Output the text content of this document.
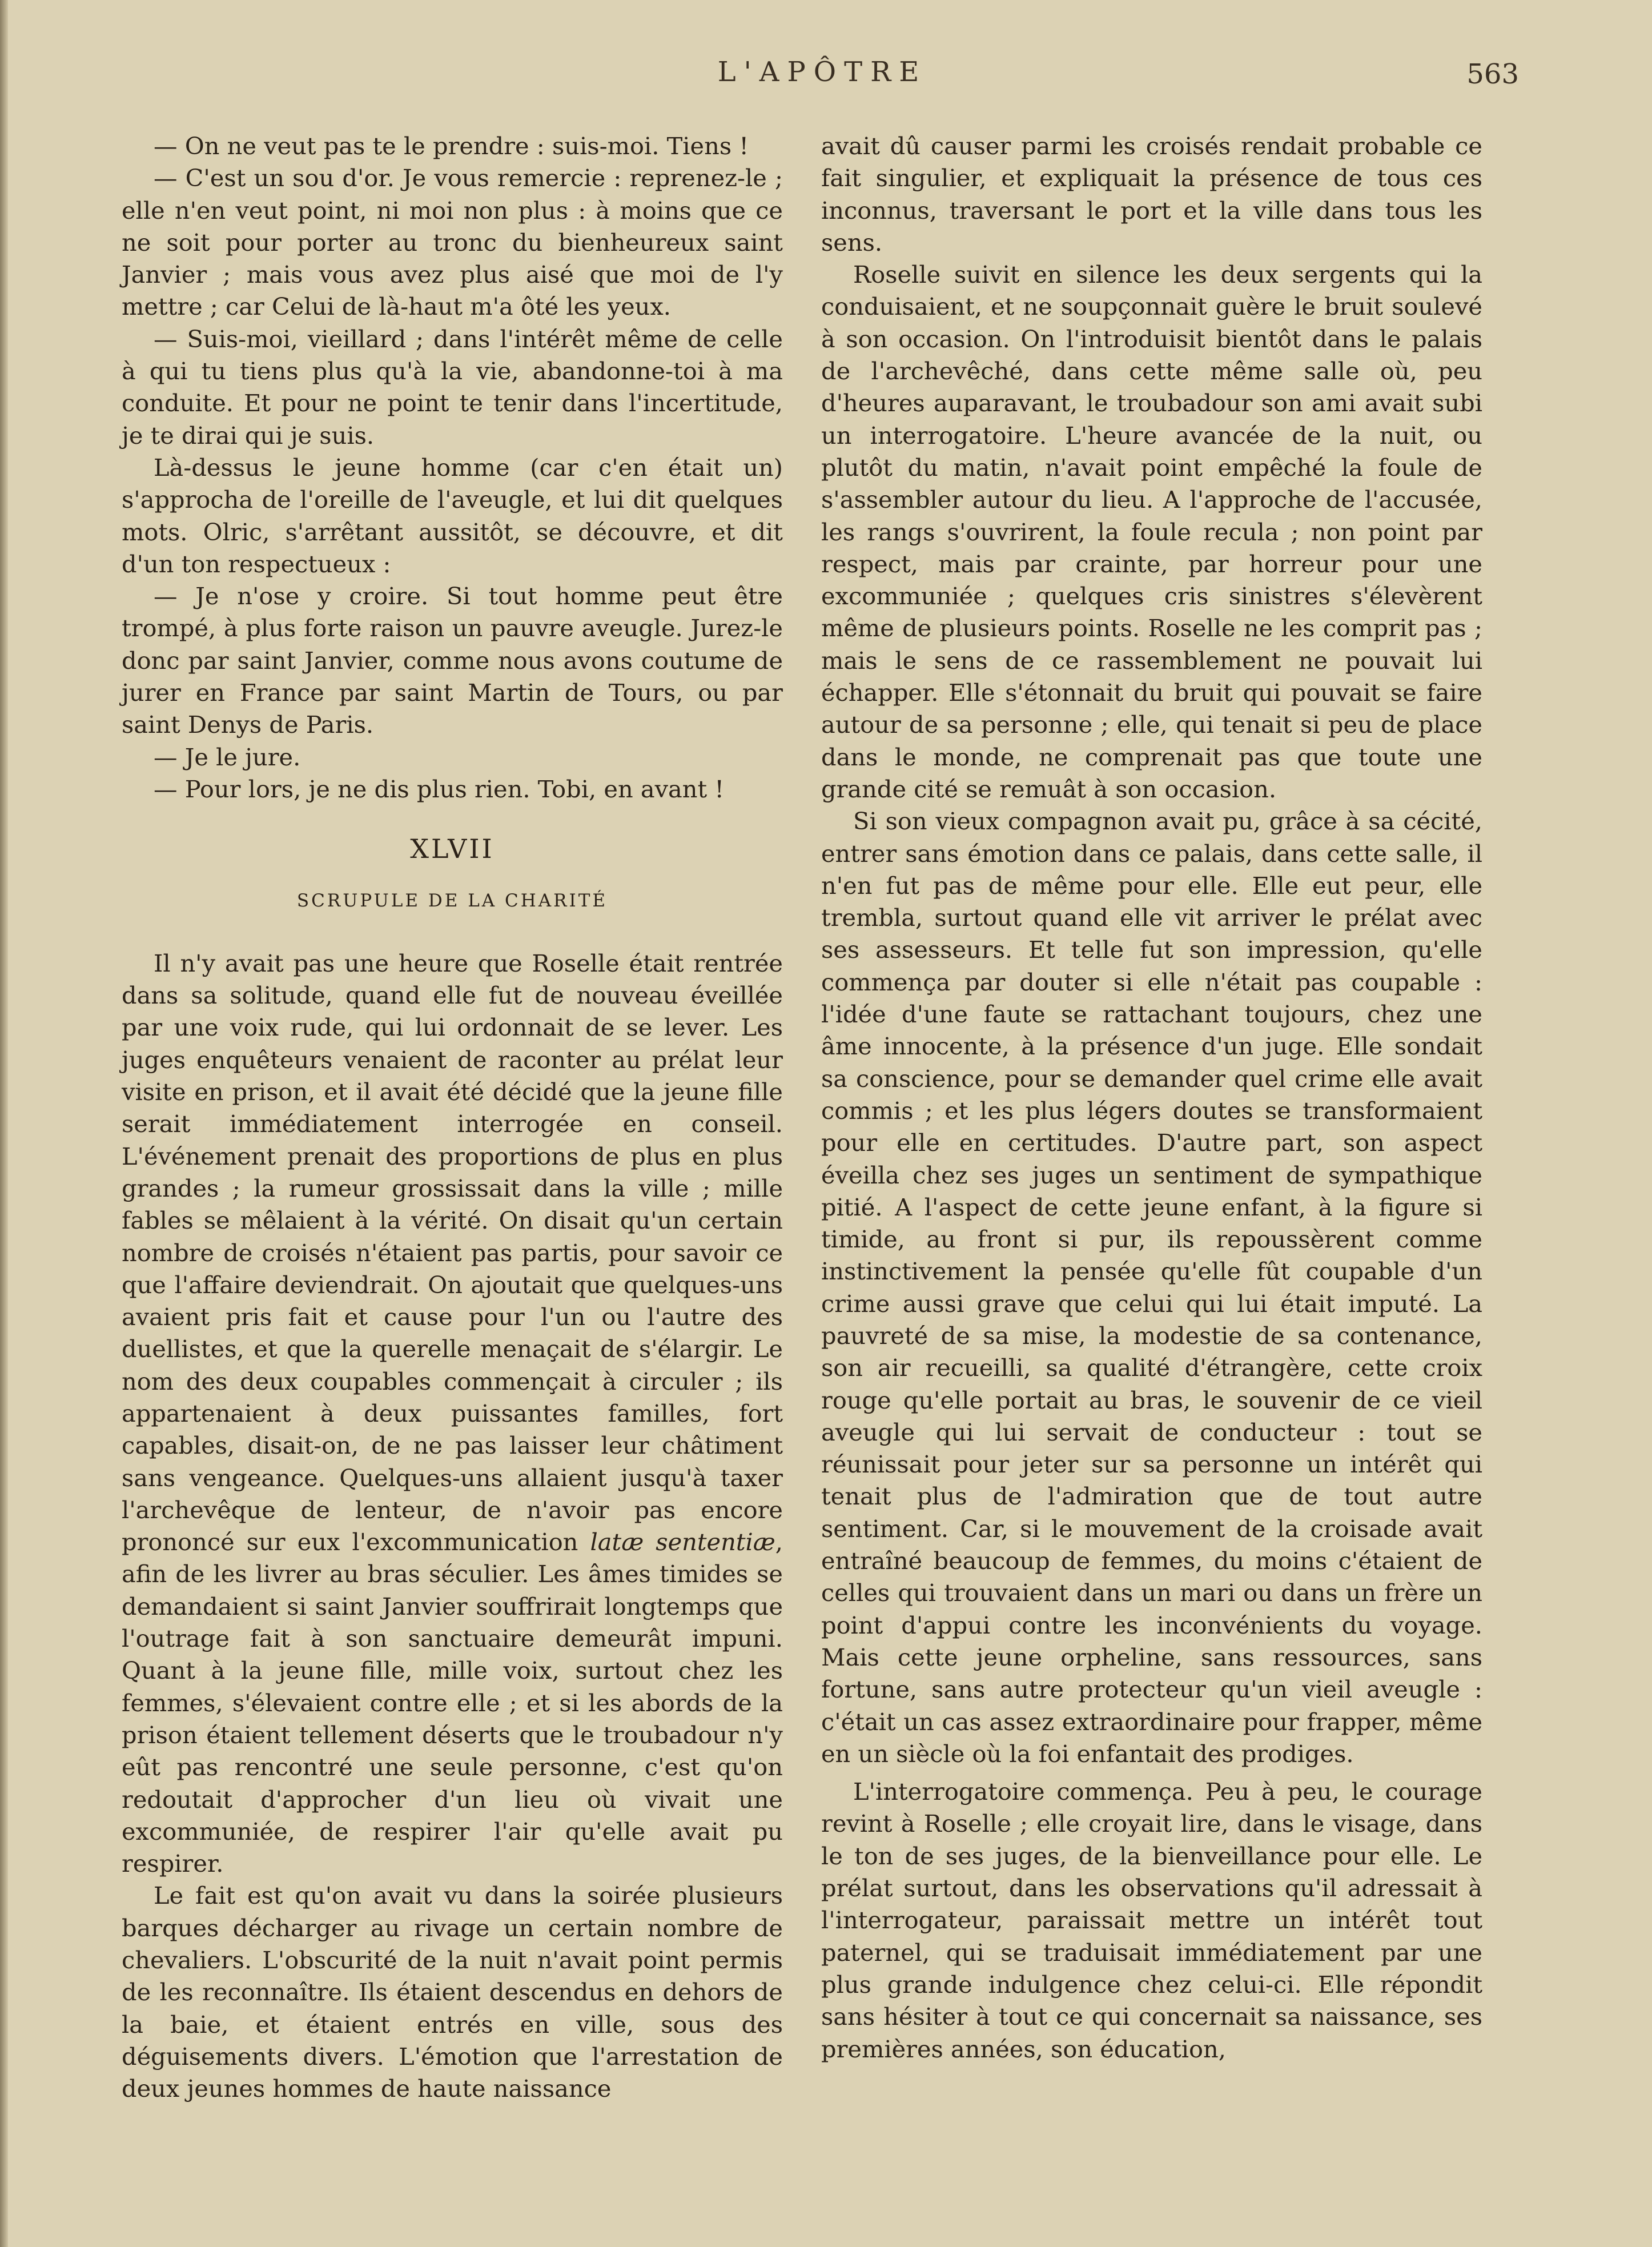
L'APÔTRE	563

— On ne veut pas te le prendre : suis-moi. Tiens !

— C'est un sou d'or. Je vous remercie : reprenez-le ; elle n'en veut point, ni moi non plus : à moins que ce ne soit pour porter au tronc du bienheureux saint Janvier ; mais vous avez plus aisé que moi de l'y mettre ; car Celui de là-haut m'a ôté les yeux.

— Suis-moi, vieillard ; dans l'intérêt même de celle à qui tu tiens plus qu'à la vie, abandonne-toi à ma conduite. Et pour ne point te tenir dans l'incertitude, je te dirai qui je suis.

Là-dessus le jeune homme (car c'en était un) s'approcha de l'oreille de l'aveugle, et lui dit quelques mots. Olric, s'arrêtant aussitôt, se découvre, et dit d'un ton respectueux :

— Je n'ose y croire. Si tout homme peut être trompé, à plus forte raison un pauvre aveugle. Jurez-le donc par saint Janvier, comme nous avons coutume de jurer en France par saint Martin de Tours, ou par saint Denys de Paris.

— Je le jure.

— Pour lors, je ne dis plus rien. Tobi, en avant !

XLVII
SCRUPULE DE LA CHARITÉ

Il n'y avait pas une heure que Roselle était rentrée dans sa solitude, quand elle fut de nouveau éveillée par une voix rude, qui lui ordonnait de se lever. Les juges enquêteurs venaient de raconter au prélat leur visite en prison, et il avait été décidé que la jeune fille serait immédiatement interrogée en conseil. L'événement prenait des proportions de plus en plus grandes ; la rumeur grossissait dans la ville ; mille fables se mêlaient à la vérité. On disait qu'un certain nombre de croisés n'étaient pas partis, pour savoir ce que l'affaire deviendrait. On ajoutait que quelques-uns avaient pris fait et cause pour l'un ou l'autre des duellistes, et que la querelle menaçait de s'élargir. Le nom des deux coupables commençait à circuler ; ils appartenaient à deux puissantes familles, fort capables, disait-on, de ne pas laisser leur châtiment sans vengeance. Quelques-uns allaient jusqu'à taxer l'archevêque de lenteur, de n'avoir pas encore prononcé sur eux l'excommunication latæ sententiæ, afin de les livrer au bras séculier. Les âmes timides se demandaient si saint Janvier souffrirait longtemps que l'outrage fait à son sanctuaire demeurât impuni. Quant à la jeune fille, mille voix, surtout chez les femmes, s'élevaient contre elle ; et si les abords de la prison étaient tellement déserts que le troubadour n'y eût pas rencontré une seule personne, c'est qu'on redoutait d'approcher d'un lieu où vivait une excommuniée, de respirer l'air qu'elle avait pu respirer.

Le fait est qu'on avait vu dans la soirée plusieurs barques décharger au rivage un certain nombre de chevaliers. L'obscurité de la nuit n'avait point permis de les reconnaître. Ils étaient descendus en dehors de la baie, et étaient entrés en ville, sous des déguisements divers. L'émotion que l'arrestation de deux jeunes hommes de haute naissance

avait dû causer parmi les croisés rendait probable ce fait singulier, et expliquait la présence de tous ces inconnus, traversant le port et la ville dans tous les sens.

Roselle suivit en silence les deux sergents qui la conduisaient, et ne soupçonnait guère le bruit soulevé à son occasion. On l'introduisit bientôt dans le palais de l'archevêché, dans cette même salle où, peu d'heures auparavant, le troubadour son ami avait subi un interrogatoire. L'heure avancée de la nuit, ou plutôt du matin, n'avait point empêché la foule de s'assembler autour du lieu. A l'approche de l'accusée, les rangs s'ouvrirent, la foule recula ; non point par respect, mais par crainte, par horreur pour une excommuniée ; quelques cris sinistres s'élevèrent même de plusieurs points. Roselle ne les comprit pas ; mais le sens de ce rassemblement ne pouvait lui échapper. Elle s'étonnait du bruit qui pouvait se faire autour de sa personne ; elle, qui tenait si peu de place dans le monde, ne comprenait pas que toute une grande cité se remuât à son occasion.

Si son vieux compagnon avait pu, grâce à sa cécité, entrer sans émotion dans ce palais, dans cette salle, il n'en fut pas de même pour elle. Elle eut peur, elle trembla, surtout quand elle vit arriver le prélat avec ses assesseurs. Et telle fut son impression, qu'elle commença par douter si elle n'était pas coupable : l'idée d'une faute se rattachant toujours, chez une âme innocente, à la présence d'un juge. Elle sondait sa conscience, pour se demander quel crime elle avait commis ; et les plus légers doutes se transformaient pour elle en certitudes. D'autre part, son aspect éveilla chez ses juges un sentiment de sympathique pitié. A l'aspect de cette jeune enfant, à la figure si timide, au front si pur, ils repoussèrent comme instinctivement la pensée qu'elle fût coupable d'un crime aussi grave que celui qui lui était imputé. La pauvreté de sa mise, la modestie de sa contenance, son air recueilli, sa qualité d'étrangère, cette croix rouge qu'elle portait au bras, le souvenir de ce vieil aveugle qui lui servait de conducteur : tout se réunissait pour jeter sur sa personne un intérêt qui tenait plus de l'admiration que de tout autre sentiment. Car, si le mouvement de la croisade avait entraîné beaucoup de femmes, du moins c'étaient de celles qui trouvaient dans un mari ou dans un frère un point d'appui contre les inconvénients du voyage. Mais cette jeune orpheline, sans ressources, sans fortune, sans autre protecteur qu'un vieil aveugle : c'était un cas assez extraordinaire pour frapper, même en un siècle où la foi enfantait des prodiges.

L'interrogatoire commença. Peu à peu, le courage revint à Roselle ; elle croyait lire, dans le visage, dans le ton de ses juges, de la bienveillance pour elle. Le prélat surtout, dans les observations qu'il adressait à l'interrogateur, paraissait mettre un intérêt tout paternel, qui se traduisait immédiatement par une plus grande indulgence chez celui-ci. Elle répondit sans hésiter à tout ce qui concernait sa naissance, ses premières années, son éducation,
